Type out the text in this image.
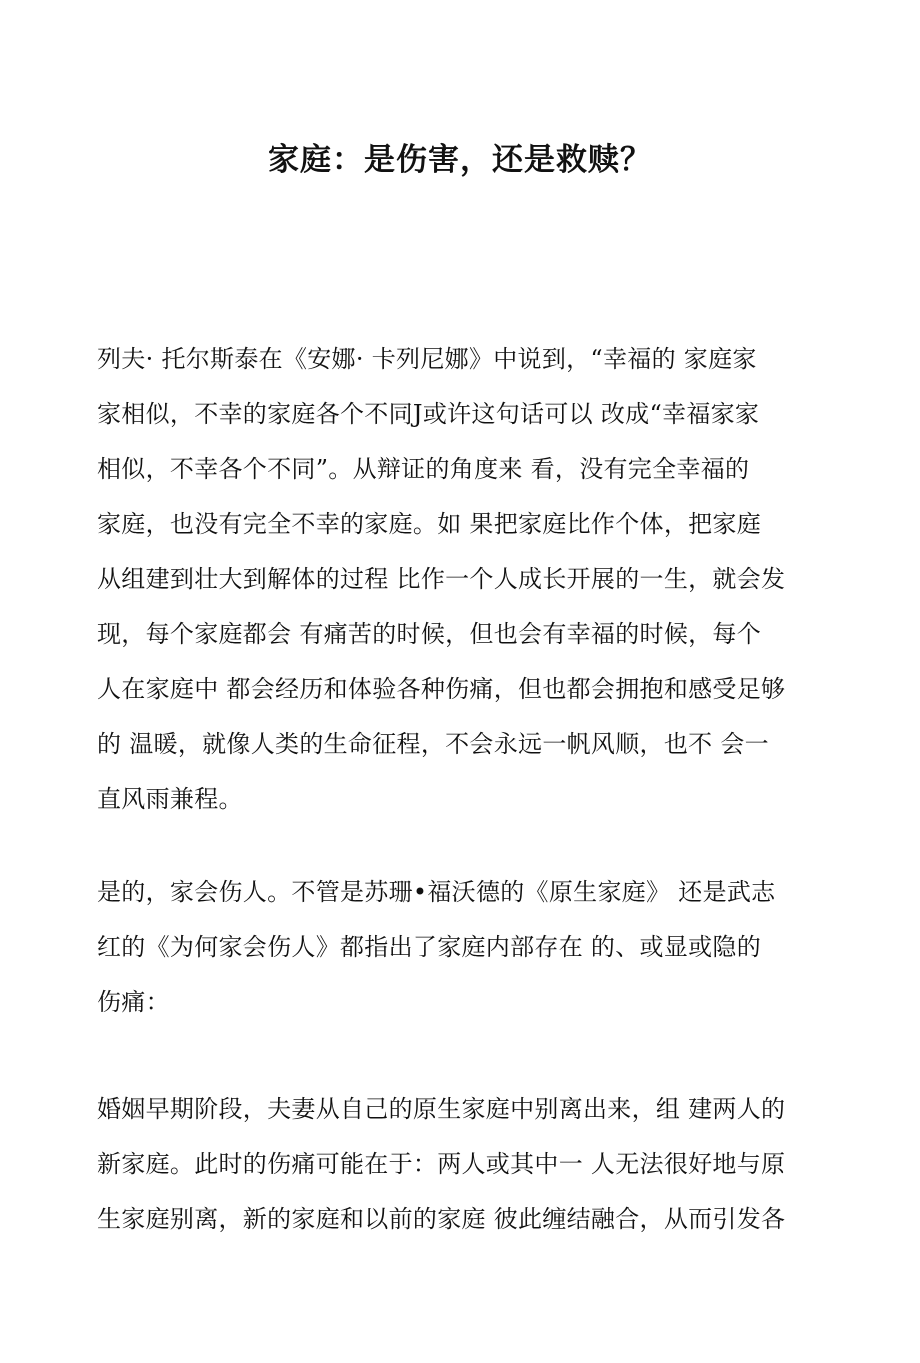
家庭：是伤害，还是救赎？
列夫· 托尔斯泰在《安娜· 卡列尼娜》中说到，“幸福的 家庭家
家相似，不幸的家庭各个不同J或许这句话可以 改成“幸福家家
相似，不幸各个不同”。从辩证的角度来 看，没有完全幸福的
家庭，也没有完全不幸的家庭。如 果把家庭比作个体，把家庭
从组建到壮大到解体的过程 比作一个人成长开展的一生，就会发
现，每个家庭都会 有痛苦的时候，但也会有幸福的时候，每个
人在家庭中 都会经历和体验各种伤痛，但也都会拥抱和感受足够
的 温暖，就像人类的生命征程，不会永远一帆风顺，也不 会一
直风雨兼程。
是的，家会伤人。不管是苏珊•福沃德的《原生家庭》 还是武志
红的《为何家会伤人》都指出了家庭内部存在 的、或显或隐的
伤痛：
婚姻早期阶段，夫妻从自己的原生家庭中别离出来，组 建两人的
新家庭。此时的伤痛可能在于：两人或其中一 人无法很好地与原
生家庭别离，新的家庭和以前的家庭 彼此缠结融合，从而引发各
